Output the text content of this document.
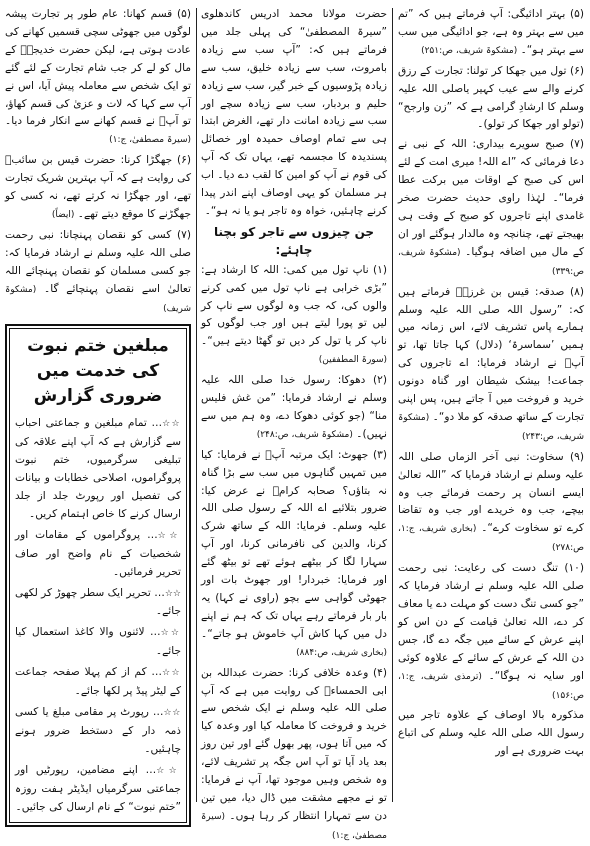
(۵) بہتر ادائیگی: آپ فرماتے ہیں کہ ”تم میں سے بہتر وہ ہے، جو ادائیگی میں سب سے بہتر ہو“۔ (مشکوۃ شریف، ص:۲۵۱)

(۶) تول میں جھکا کر تولنا: تجارت کے رزق کرنے والے سے عیب کہیر یاصلی اللہ علیہ وسلم کا ارشادِ گرامی ہے کہ ”زن وارجح“ (تولو اور جھکا کر تولو)۔

(۷) صبح سویرے بیداری: اللہ کے نبی نے دعا فرمائی کہ ”اے اللہ! میری امت کے لئے اس کی صبح کے اوقات میں برکت عطا فرما“۔ لہٰذا راوی حدیث حضرت صخر غامدی اپنے تاجروں کو صبح کے وقت ہی بھیجتے تھے، چنانچہ وہ مالدار ہوگئے اور ان کے مال میں اضافہ ہوگیا۔ (مشکوۃ شریف، ص:۳۳۹)

(۸) صدقہ: قیس بن غرزہؓ فرماتے ہیں کہ: ”رسول اللہ صلی اللہ علیہ وسلم ہمارے پاس تشریف لائے، اس زمانہ میں ہمیں ’سماسرۃ‘ (دلال) کہا جاتا تھا، تو آپؐ نے ارشاد فرمایا: اے تاجروں کی جماعت! بیشک شیطان اور گناہ دونوں خرید و فروخت میں آ جاتے ہیں، پس اپنی تجارت کے ساتھ صدقہ کو ملا دو“۔ (مشکوۃ شریف، ص:۲۴۳)

(۹) سخاوت: نبی آخر الزماں صلی اللہ علیہ وسلم نے ارشاد فرمایا کہ ”اللہ تعالیٰ ایسے انسان پر رحمت فرمائے جب وہ بیچے، جب وہ خریدے اور جب وہ تقاضا کرے تو سخاوت کرے“۔ (بخاری شریف، ج:۱، ص:۲۷۸)

(۱۰) تنگ دست کی رعایت: نبی رحمت صلی اللہ علیہ وسلم نے ارشاد فرمایا کہ ”جو کسی تنگ دست کو مہلت دے یا معاف کر دے، اللہ تعالیٰ قیامت کے دن اس کو اپنے عرش کے سائے میں جگہ دے گا، جس دن اللہ کے عرش کے سائے کے علاوہ کوئی اور سایہ نہ ہوگا“۔ (ترمذی شریف، ج:۱، ص:۱۵۶)

مذکورہ بالا اوصاف کے علاوہ تاجر میں رسول اللہ صلی اللہ علیہ وسلم کی اتباع بہت ضروری ہے اور

حضرت مولانا محمد ادریس کاندھلوی ”سیرۃ المصطفیٰ“ کی پہلی جلد میں فرماتے ہیں کہ: ”آپ سب سے زیادہ بامروت، سب سے زیادہ خلیق، سب سے زیادہ پڑوسیوں کے خبر گیر، سب سے زیادہ حلیم و بردبار، سب سے زیادہ سچے اور سب سے زیادہ امانت دار تھے، الغرض ابتدا ہی سے تمام اوصاف حمیدہ اور خصائل پسندیدہ کا مجسمہ تھے، یہاں تک کہ آپ کی قوم نے آپ کو امین کا لقب دے دیا۔ اب ہر مسلمان کو یہی اوصاف اپنے اندر پیدا کرنے چاہئیں، خواہ وہ تاجر ہو یا نہ ہو“۔

جن چیزوں سے تاجر کو بچنا چاہئے:

(۱) ناپ تول میں کمی: اللہ کا ارشاد ہے: ”بڑی خرابی ہے ناپ تول میں کمی کرنے والوں کی، کہ جب وہ لوگوں سے ناپ کر لیں تو پورا لیتے ہیں اور جب لوگوں کو ناپ کر یا تول کر دیں تو گھٹا دیتے ہیں“۔ (سورۃ المطففین)

(۲) دھوکا: رسول خدا صلی اللہ علیہ وسلم نے ارشاد فرمایا: ”من غش فلیس منا“ (جو کوئی دھوکا دے، وہ ہم میں سے نہیں)۔ (مشکوۃ شریف، ص:۲۴۸)

(۳) جھوٹ: ایک مرتبہ آپؐ نے فرمایا: کیا میں تمہیں گناہوں میں سب سے بڑا گناہ نہ بتاؤں؟ صحابہ کرامؓ نے عرض کیا: ضرور بتلائیے اے اللہ کے رسول صلی اللہ علیہ وسلم۔ فرمایا: اللہ کے ساتھ شرک کرنا، والدین کی نافرمانی کرنا، اور آپ سہارا لگا کر بیٹھے ہوئے تھے تو بیٹھ گئے اور فرمایا: خبردار! اور جھوٹ بات اور جھوٹی گواہی سے بچو (راوی نے کہا) یہ بار بار فرماتے رہے یہاں تک کہ ہم نے اپنے دل میں کہا کاش آپ خاموش ہو جاتے“۔ (بخاری شریف، ص:۸۸۴)

(۴) وعدہ خلافی کرنا: حضرت عبداللہ بن ابی الحمساءؓ کی روایت میں ہے کہ آپ صلی اللہ علیہ وسلم نے ایک شخص سے خرید و فروخت کا معاملہ کیا اور وعدہ کیا کہ میں آتا ہوں، پھر بھول گئے اور تین روز بعد یاد آیا تو آپ اس جگہ پر تشریف لائے، وہ شخص وہیں موجود تھا، آپ نے فرمایا: تو نے مجھے مشقت میں ڈال دیا، میں تین دن سے تمہارا انتظار کر رہا ہوں۔ (سیرۃ مصطفیٰ، ج:۱)

(۵) قسم کھانا: عام طور پر تجارت پیشہ لوگوں میں جھوٹی سچی قسمیں کھانے کی عادت ہوتی ہے، لیکن حضرت خدیجہؓ کے مال کو لے کر جب شام تجارت کے لئے گئے تو ایک شخص سے معاملہ پیش آیا، اس نے آپ سے کہا کہ لات و عزیٰ کی قسم کھاؤ، تو آپؐ نے قسم کھانے سے انکار فرما دیا۔ (سیرۃ مصطفیٰ، ج:۱)

(۶) جھگڑا کرنا: حضرت قیس بن سائبؓ کی روایت ہے کہ آپ بہترین شریک تجارت تھے، اور جھگڑا نہ کرتے تھے، نہ کسی کو جھگڑنے کا موقع دیتے تھے۔ (ایضاً)

(۷) کسی کو نقصان پہنچانا: نبی رحمت صلی اللہ علیہ وسلم نے ارشاد فرمایا کہ: جو کسی مسلمان کو نقصان پہنچائے اللہ تعالیٰ اسے نقصان پہنچائے گا۔ (مشکوۃ شریف)

مبلغین ختم نبوت کی خدمت میں ضروری گزارش

☆☆… تمام مبلغین و جماعتی احباب سے گزارش ہے کہ آپ اپنے علاقہ کی تبلیغی سرگرمیوں، ختم نبوت پروگراموں، اصلاحی خطابات و بیانات کی تفصیل اور رپورٹ جلد از جلد ارسال کرنے کا خاص اہتمام کریں۔

☆☆… پروگراموں کے مقامات اور شخصیات کے نام واضح اور صاف تحریر فرمائیں۔

☆☆… تحریر ایک سطر چھوڑ کر لکھی جائے۔

☆☆… لائنوں والا کاغذ استعمال کیا جائے۔

☆☆… کم از کم پہلا صفحہ جماعت کے لیٹر پیڈ پر لکھا جائے۔

☆☆… رپورٹ پر مقامی مبلغ یا کسی ذمہ دار کے دستخط ضرور ہونے چاہئیں۔

☆☆… اپنے مضامین، رپورٹیں اور جماعتی سرگرمیاں ایڈیٹر ہفت روزہ ”ختم نبوت“ کے نام ارسال کی جائیں۔
